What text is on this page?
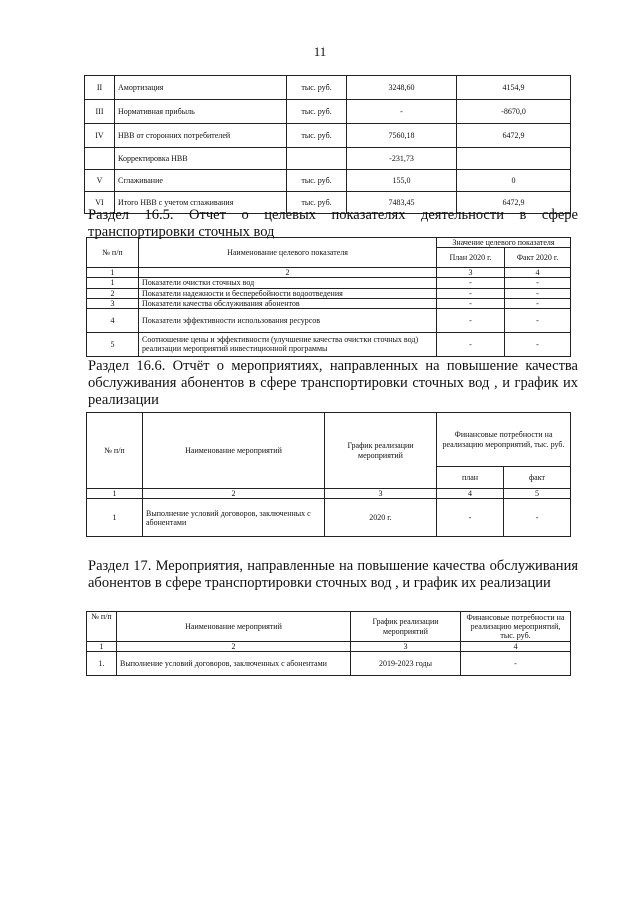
11
II	Амортизация	тыс. руб.	3248,60	4154,9
III	Нормативная прибыль	тыс. руб.	-	-8670,0
IV	НВВ от сторонних потребителей	тыс. руб.	7560,18	6472,9
	Корректировка НВВ		-231,73	
V	Сглаживание	тыс. руб.	155,0	0
VI	Итого НВВ с учетом сглаживания	тыс. руб.	7483,45	6472,9
Раздел 16.5. Отчет о целевых показателях деятельности в сфере транспортировки сточных вод
№ п/п	Наименование целевого показателя	Значение целевого показателя	
		План 2020 г.	Факт 2020 г.
1	2	3	4
1	Показатели очистки сточных вод	-	-
2	Показатели надежности и бесперебойности водоотведения	-	-
3	Показатели качества обслуживания абонентов	-	-
4	Показатели эффективности использования ресурсов	-	-
5	Соотношение цены и эффективности (улучшение качества очистки сточных вод) реализации мероприятий инвестиционной программы	-	-
Раздел 16.6. Отчёт о мероприятиях, направленных на повышение качества обслуживания абонентов в сфере транспортировки сточных вод , и график их реализации
№ п/п	Наименование мероприятий	График реализации мероприятий	Финансовые потребности на реализацию мероприятий, тыс. руб.	
			план	факт
1	2	3	4	5
1	Выполнение условий договоров, заключенных с абонентами	2020 г.	-	-
Раздел 17. Мероприятия, направленные на повышение качества обслуживания абонентов в сфере транспортировки сточных вод , и график их реализации
№ п/п	Наименование мероприятий	График реализации мероприятий	Финансовые потребности на реализацию мероприятий, тыс. руб.
1	2	3	4
1.	Выполнение условий договоров, заключенных с абонентами	2019-2023 годы	-
